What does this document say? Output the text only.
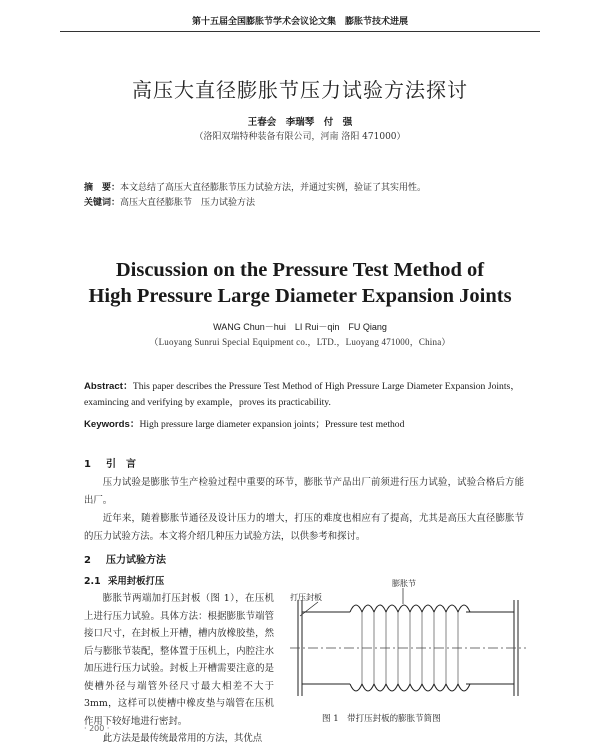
第十五届全国膨胀节学术会议论文集　膨胀节技术进展
高压大直径膨胀节压力试验方法探讨
王春会　李瑞琴　付　强
（洛阳双瑞特种装备有限公司，河南 洛阳 471000）
摘　要：本文总结了高压大直径膨胀节压力试验方法，并通过实例，验证了其实用性。
关键词：高压大直径膨胀节　压力试验方法
Discussion on the Pressure Test Method of
High Pressure Large Diameter Expansion Joints
WANG Chun－hui　LI Rui－qin　FU Qiang
（Luoyang Sunrui Special Equipment co.，LTD.，Luoyang 471000，China）
Abstract：This paper describes the Pressure Test Method of High Pressure Large Diameter Expansion Joints，examincing and verifying by example，proves its practicability.
Keywords：High pressure large diameter expansion joints；Pressure test method
1 引　言
压力试验是膨胀节生产检验过程中重要的环节，膨胀节产品出厂前须进行压力试验，试验合格后方能出厂。
近年来，随着膨胀节通径及设计压力的增大，打压的难度也相应有了提高，尤其是高压大直径膨胀节的压力试验方法。本文将介绍几种压力试验方法，以供参考和探讨。
2 压力试验方法
2.1 采用封板打压
膨胀节两端加打压封板（图 1），在压机上进行压力试验。具体方法：根据膨胀节端管接口尺寸，在封板上开槽，槽内放橡胶垫，然后与膨胀节装配，整体置于压机上，内腔注水加压进行压力试验。封板上开槽需要注意的是使槽外径与端管外径尺寸最大相差不大于 3mm，这样可以使槽中橡皮垫与端管在压机作用下较好地进行密封。
此方法是最传统最常用的方法，其优点
膨胀节
打压封板
图 1　带打压封板的膨胀节简图
· 200 ·
